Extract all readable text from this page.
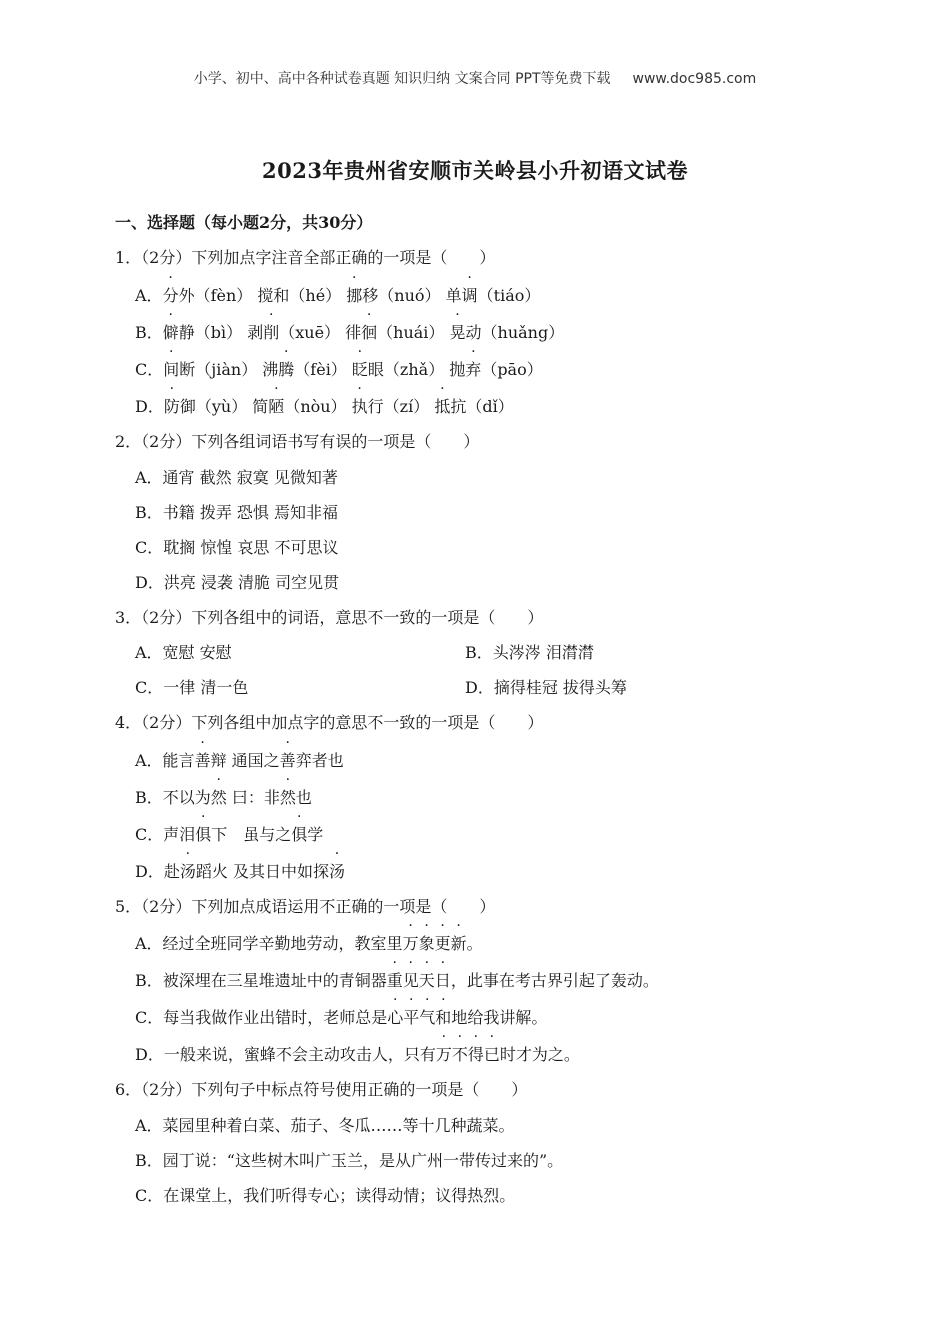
小学、初中、高中各种试卷真题 知识归纳 文案合同 PPT等免费下载 www.doc985.com
2023年贵州省安顺市关岭县小升初语文试卷
一、选择题（每小题2分，共30分）
1．（2分）下列加点字注音全部正确的一项是（　　）
A．分外（fèn） 搅和（hé） 挪移（nuó） 单调（tiáo）
B．僻静（bì） 剥削（xuē） 徘徊（huái） 晃动（huǎng）
C．间断（jiàn） 沸腾（fèi） 眨眼（zhǎ） 抛弃（pāo）
D．防御（yù） 简陋（nòu） 执行（zí） 抵抗（dǐ）
2．（2分）下列各组词语书写有误的一项是（　　）
A．通宵 截然 寂寞 见微知著
B．书籍 拨弄 恐惧 焉知非福
C．耽搁 惊惶 哀思 不可思议
D．洪亮 浸袭 清脆 司空见贯
3．（2分）下列各组中的词语，意思不一致的一项是（　　）
A．宽慰 安慰	B．头涔涔 泪潸潸
C．一律 清一色	D．摘得桂冠 拔得头筹
4．（2分）下列各组中加点字的意思不一致的一项是（　　）
A．能言善辩 通国之善弈者也
B．不以为然 曰：非然也
C．声泪俱下　虽与之俱学
D．赴汤蹈火 及其日中如探汤
5．（2分）下列加点成语运用不正确的一项是（　　）
A．经过全班同学辛勤地劳动，教室里万象更新。
B．被深埋在三星堆遗址中的青铜器重见天日，此事在考古界引起了轰动。
C．每当我做作业出错时，老师总是心平气和地给我讲解。
D．一般来说，蜜蜂不会主动攻击人，只有万不得已时才为之。
6．（2分）下列句子中标点符号使用正确的一项是（　　）
A．菜园里种着白菜、茄子、冬瓜……等十几种蔬菜。
B．园丁说：“这些树木叫广玉兰，是从广州一带传过来的”。
C．在课堂上，我们听得专心；读得动情；议得热烈。
